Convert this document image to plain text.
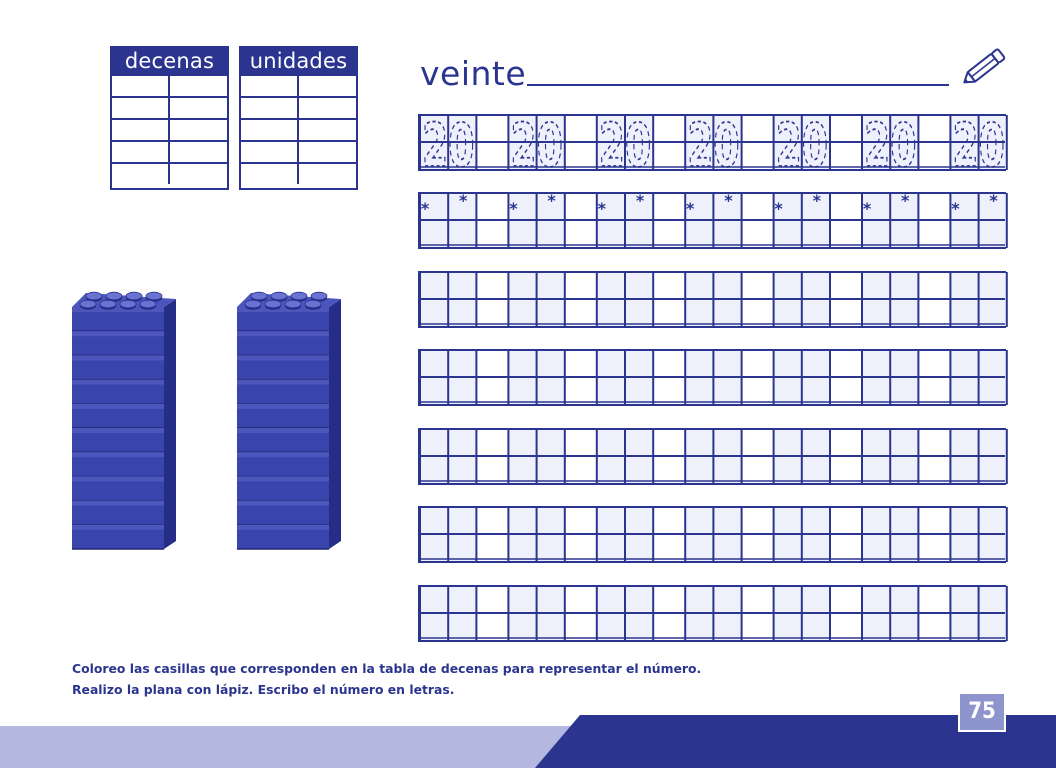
decenas	unidades veinte
20 20 20 20 20 20 20
* *	* *	* *	* *	* *	* *	* *
Coloreo las casillas que corresponden en la tabla de decenas para representar el número.
Realizo la plana con lápiz. Escribo el número en letras.
75
